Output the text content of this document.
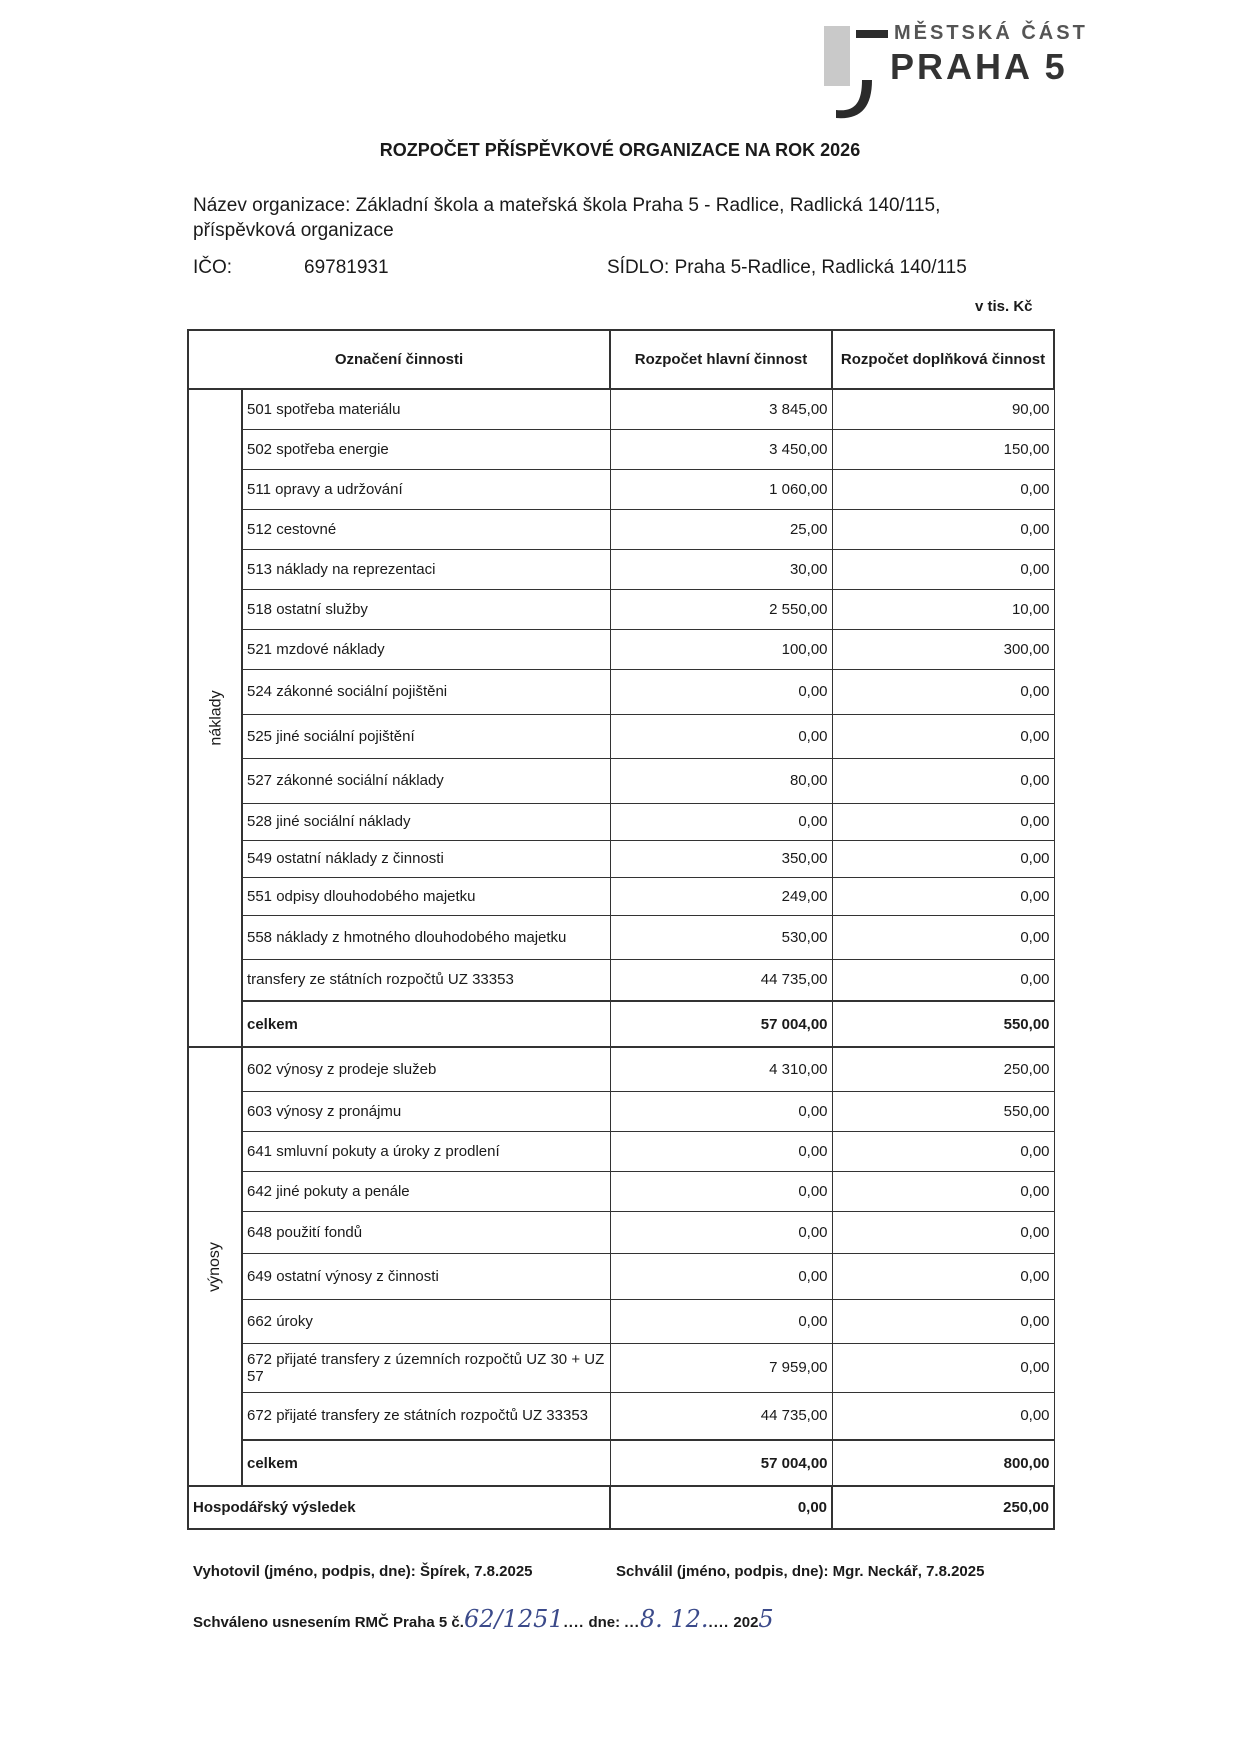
MĚSTSKÁ ČÁST
PRAHA 5
ROZPOČET PŘÍSPĚVKOVÉ ORGANIZACE NA ROK 2026
Název organizace: Základní škola a mateřská škola Praha 5 - Radlice, Radlická 140/115,
příspěvková organizace
IČO:	69781931	SÍDLO: Praha 5-Radlice, Radlická 140/115
v tis. Kč
Označení činnosti		Rozpočet hlavní činnost	Rozpočet doplňková činnost
náklady	501 spotřeba materiálu	3 845,00	90,00
	502 spotřeba energie	3 450,00	150,00
	511 opravy a udržování	1 060,00	0,00
	512 cestovné	25,00	0,00
	513 náklady na reprezentaci	30,00	0,00
	518 ostatní služby	2 550,00	10,00
	521 mzdové náklady	100,00	300,00
	524 zákonné sociální pojištěni	0,00	0,00
	525 jiné sociální pojištění	0,00	0,00
	527 zákonné sociální náklady	80,00	0,00
	528 jiné sociální náklady	0,00	0,00
	549 ostatní náklady z činnosti	350,00	0,00
	551 odpisy dlouhodobého majetku	249,00	0,00
	558 náklady z hmotného dlouhodobého majetku	530,00	0,00
	transfery ze státních rozpočtů UZ 33353	44 735,00	0,00
	celkem	57 004,00	550,00
výnosy	602 výnosy z prodeje služeb	4 310,00	250,00
	603 výnosy z pronájmu	0,00	550,00
	641 smluvní pokuty a úroky z prodlení	0,00	0,00
	642 jiné pokuty a penále	0,00	0,00
	648 použití fondů	0,00	0,00
	649 ostatní výnosy z činnosti	0,00	0,00
	662 úroky	0,00	0,00
	672 přijaté transfery z územních rozpočtů UZ 30 + UZ 57	7 959,00	0,00
	672 přijaté transfery ze státních rozpočtů UZ 33353	44 735,00	0,00
	celkem	57 004,00	800,00
Hospodářský výsledek		0,00	250,00
Vyhotovil (jméno, podpis, dne): Špírek, 7.8.2025	Schválil (jméno, podpis, dne): Mgr. Neckář, 7.8.2025
Schváleno usnesením RMČ Praha 5 č.62/1251.... dne: ...8. 12..... 2025
